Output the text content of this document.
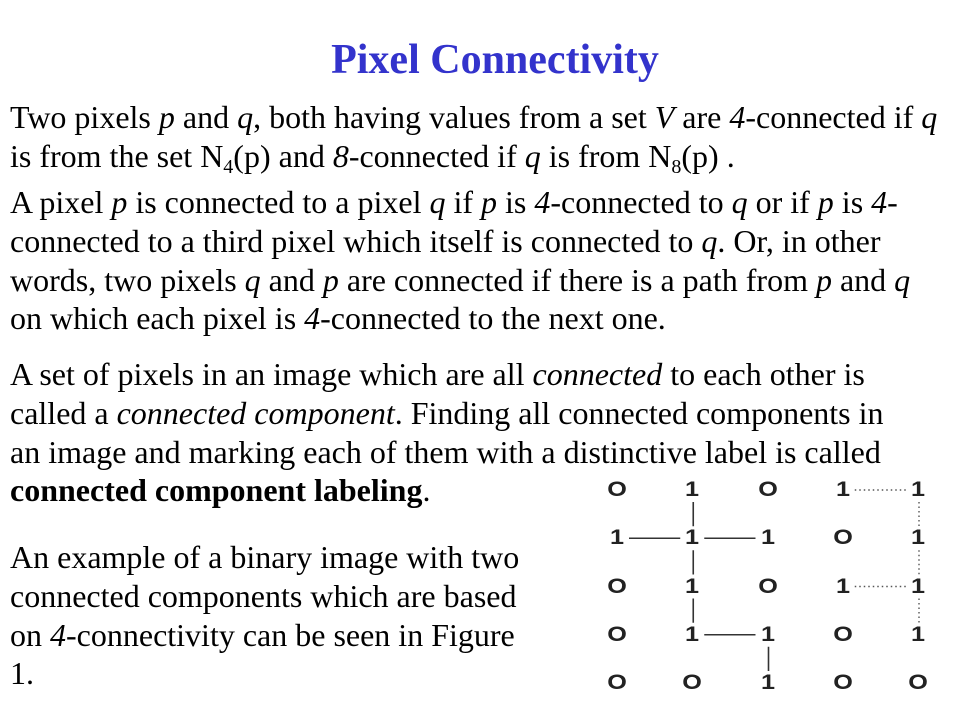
Pixel Connectivity
Two pixels p and q, both having values from a set V are 4-connected if q
is from the set $N_4(p)$ and 8-connected if q is from $N_8(p)$ .
A pixel p is connected to a pixel q if p is 4-connected to q or if p is 4-
connected to a third pixel which itself is connected to q. Or, in other
words, two pixels q and p are connected if there is a path from p and q
on which each pixel is 4-connected to the next one.
A set of pixels in an image which are all connected to each other is
called a connected component. Finding all connected components in
an image and marking each of them with a distinctive label is called
connected component labeling.
An example of a binary image with two
connected components which are based
on 4-connectivity can be seen in Figure
1.
O	1	O	1	1
1	1	1	O	1
O	1	O	1	1
O	1	1	O	1
O	O	1	O	O
